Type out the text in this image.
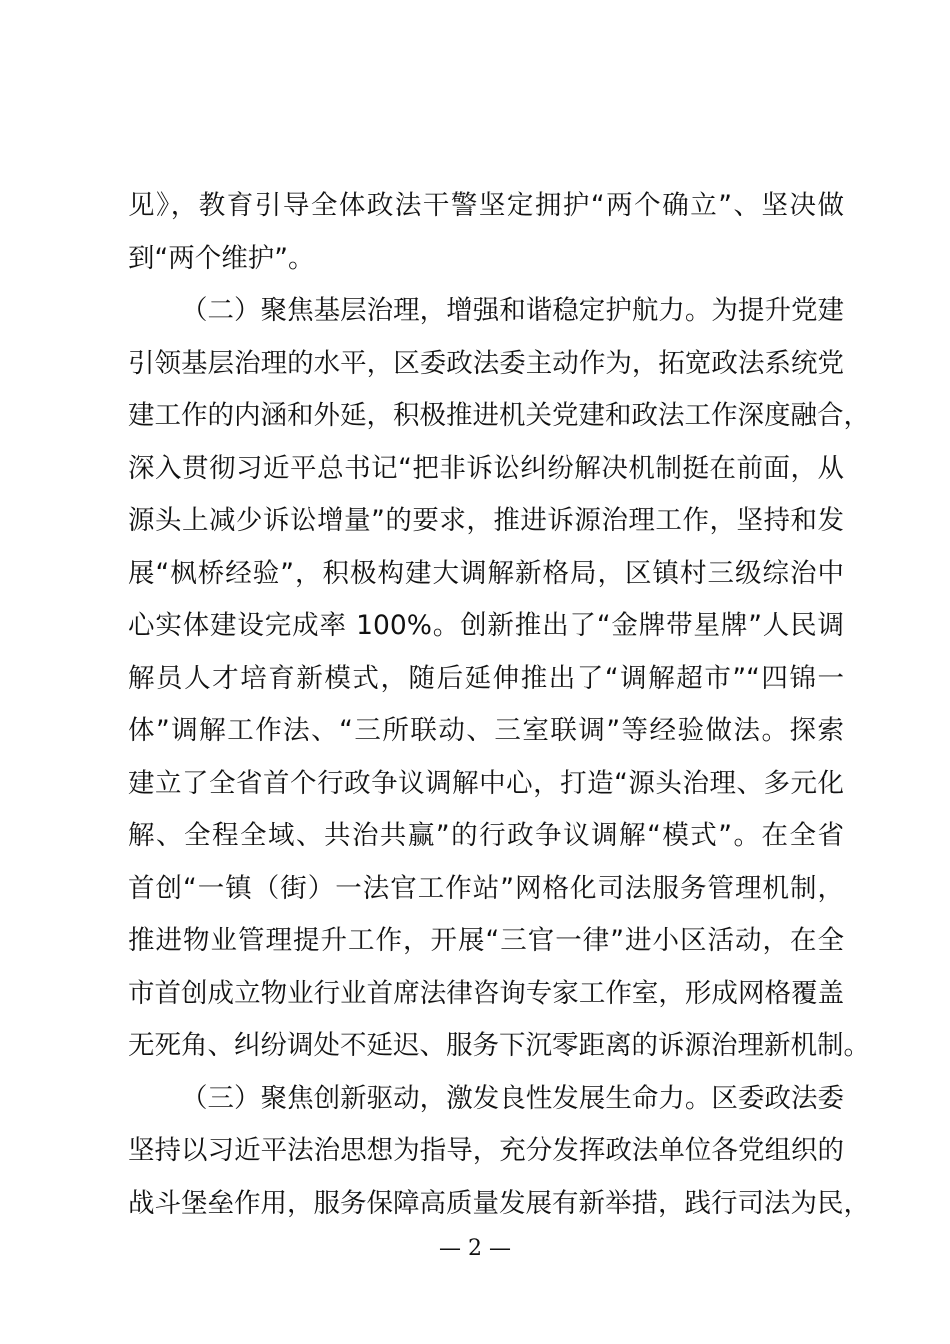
见》，教育引导全体政法干警坚定拥护“两个确立”、坚决做
到“两个维护”。
（二）聚焦基层治理，增强和谐稳定护航力。为提升党建
引领基层治理的水平，区委政法委主动作为，拓宽政法系统党
建工作的内涵和外延，积极推进机关党建和政法工作深度融合，
深入贯彻习近平总书记“把非诉讼纠纷解决机制挺在前面，从
源头上减少诉讼增量”的要求，推进诉源治理工作，坚持和发
展“枫桥经验”，积极构建大调解新格局，区镇村三级综治中
心实体建设完成率 100%。创新推出了“金牌带星牌”人民调
解员人才培育新模式，随后延伸推出了“调解超市”“四锦一
体”调解工作法、“三所联动、三室联调”等经验做法。探索
建立了全省首个行政争议调解中心，打造“源头治理、多元化
解、全程全域、共治共赢”的行政争议调解“模式”。在全省
首创“一镇（街）一法官工作站”网格化司法服务管理机制，
推进物业管理提升工作，开展“三官一律”进小区活动，在全
市首创成立物业行业首席法律咨询专家工作室，形成网格覆盖
无死角、纠纷调处不延迟、服务下沉零距离的诉源治理新机制。
（三）聚焦创新驱动，激发良性发展生命力。区委政法委
坚持以习近平法治思想为指导，充分发挥政法单位各党组织的
战斗堡垒作用，服务保障高质量发展有新举措，践行司法为民，
— 2 —
